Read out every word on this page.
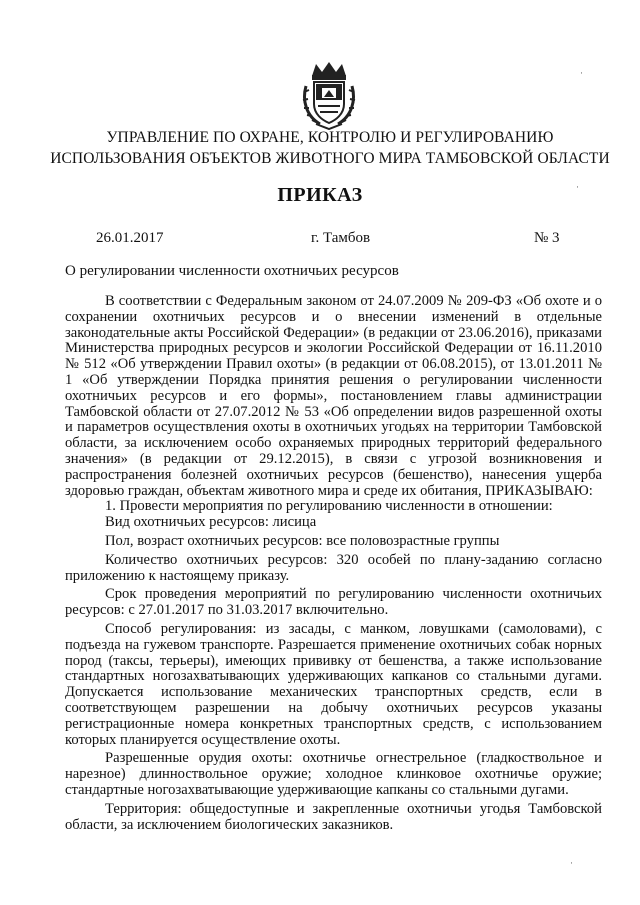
УПРАВЛЕНИЕ ПО ОХРАНЕ, КОНТРОЛЮ И РЕГУЛИРОВАНИЮ
ИСПОЛЬЗОВАНИЯ ОБЪЕКТОВ ЖИВОТНОГО МИРА ТАМБОВСКОЙ ОБЛАСТИ
ПРИКАЗ
26.01.2017	г. Тамбов	№ 3
О регулировании численности охотничьих ресурсов

В соответствии с Федеральным законом от 24.07.2009 № 209-ФЗ «Об охоте и о сохранении охотничьих ресурсов и о внесении изменений в отдельные законодательные акты Российской Федерации» (в редакции от 23.06.2016), приказами Министерства природных ресурсов и экологии Российской Федерации от 16.11.2010 № 512 «Об утверждении Правил охоты» (в редакции от 06.08.2015), от 13.01.2011 № 1 «Об утверждении Порядка принятия решения о регулировании численности охотничьих ресурсов и его формы», постановлением главы администрации Тамбовской области от 27.07.2012 № 53 «Об определении видов разрешенной охоты и параметров осуществления охоты в охотничьих угодьях на территории Тамбовской области, за исключением особо охраняемых природных территорий федерального значения» (в редакции от 29.12.2015), в связи с угрозой возникновения и распространения болезней охотничьих ресурсов (бешенство), нанесения ущерба здоровью граждан, объектам животного мира и среде их обитания, ПРИКАЗЫВАЮ:

1. Провести мероприятия по регулированию численности в отношении:

Вид охотничьих ресурсов: лисица

Пол, возраст охотничьих ресурсов: все половозрастные группы

Количество охотничьих ресурсов: 320 особей по плану-заданию согласно приложению к настоящему приказу.

Срок проведения мероприятий по регулированию численности охотничьих ресурсов: с 27.01.2017 по 31.03.2017 включительно.

Способ регулирования: из засады, с манком, ловушками (самоловами), с подъезда на гужевом транспорте. Разрешается применение охотничьих собак норных пород (таксы, терьеры), имеющих прививку от бешенства, а также использование стандартных ногозахватывающих удерживающих капканов со стальными дугами. Допускается использование механических транспортных средств, если в соответствующем разрешении на добычу охотничьих ресурсов указаны регистрационные номера конкретных транспортных средств, с использованием которых планируется осуществление охоты.

Разрешенные орудия охоты: охотничье огнестрельное (гладкоствольное и нарезное) длинноствольное оружие; холодное клинковое охотничье оружие; стандартные ногозахватывающие удерживающие капканы со стальными дугами.

Территория: общедоступные и закрепленные охотничьи угодья Тамбовской области, за исключением биологических заказников.

·
·
·
